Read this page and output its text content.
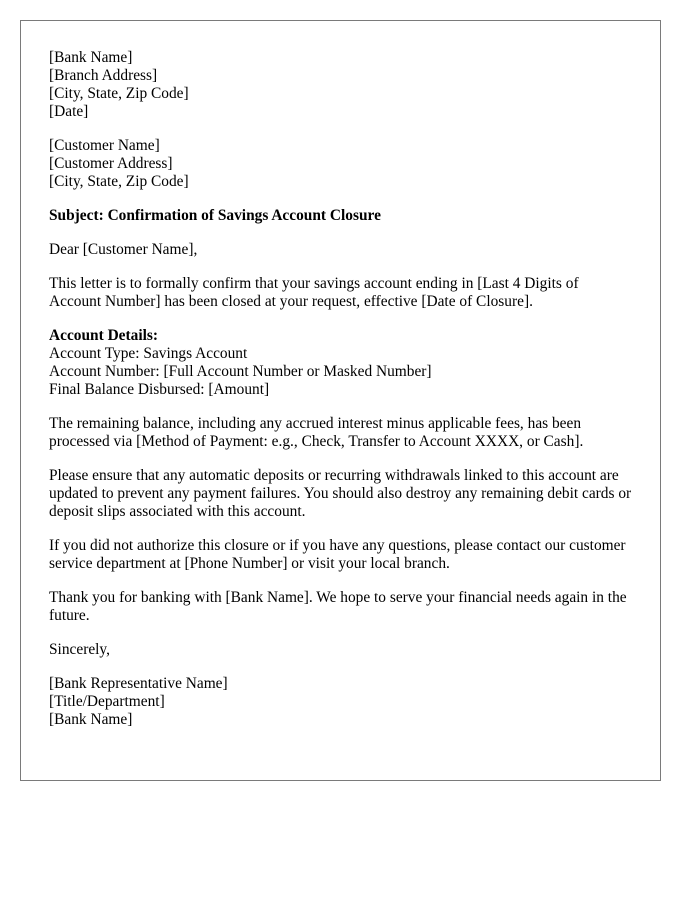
[Bank Name]
[Branch Address]
[City, State, Zip Code]
[Date]
[Customer Name]
[Customer Address]
[City, State, Zip Code]
Subject: Confirmation of Savings Account Closure
Dear [Customer Name],

This letter is to formally confirm that your savings account ending in [Last 4 Digits of Account Number] has been closed at your request, effective [Date of Closure].

Account Details:
Account Type: Savings Account
Account Number: [Full Account Number or Masked Number]
Final Balance Disbursed: [Amount]

The remaining balance, including any accrued interest minus applicable fees, has been processed via [Method of Payment: e.g., Check, Transfer to Account XXXX, or Cash].

Please ensure that any automatic deposits or recurring withdrawals linked to this account are updated to prevent any payment failures. You should also destroy any remaining debit cards or deposit slips associated with this account.

If you did not authorize this closure or if you have any questions, please contact our customer service department at [Phone Number] or visit your local branch.

Thank you for banking with [Bank Name]. We hope to serve your financial needs again in the future.

Sincerely,
[Bank Representative Name]
[Title/Department]
[Bank Name]
